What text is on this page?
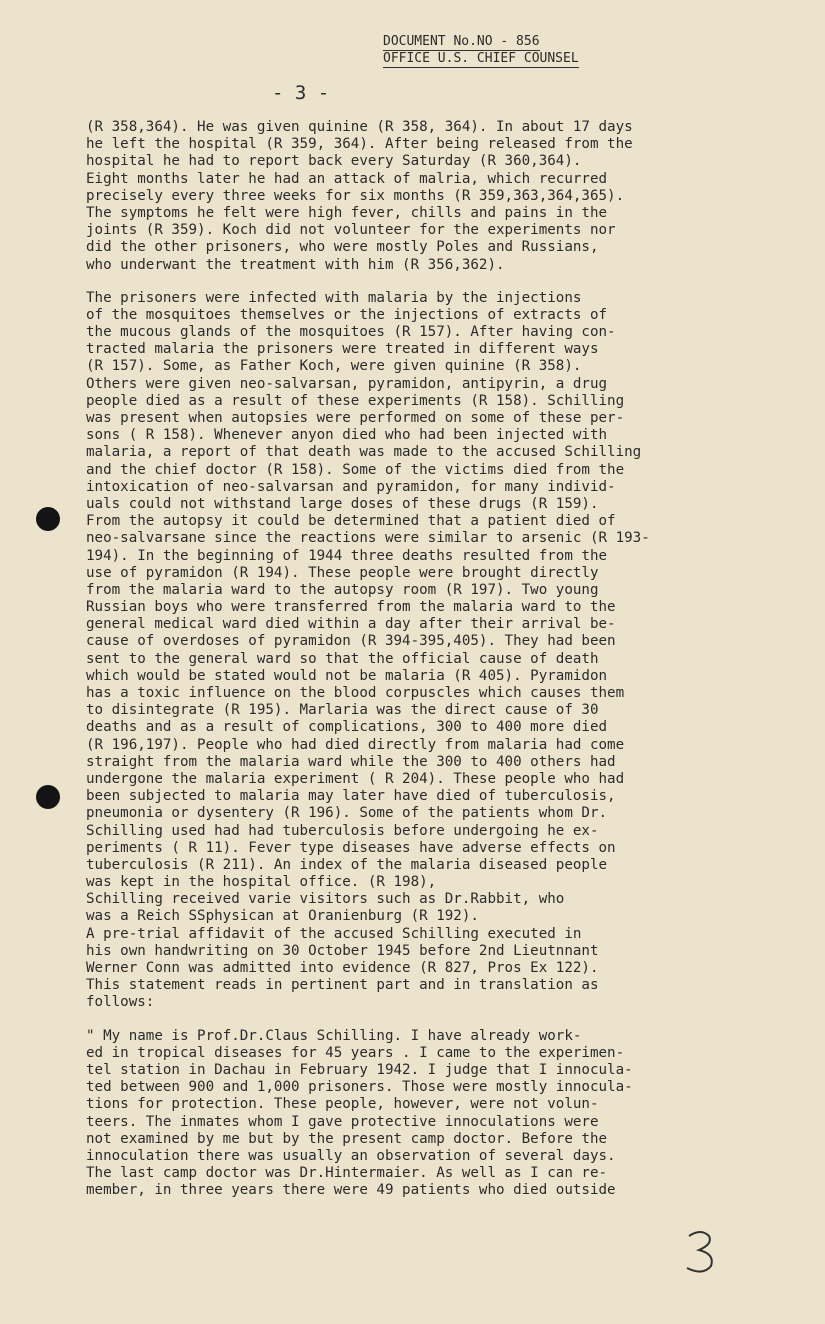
DOCUMENT No.NO - 856
OFFICE U.S. CHIEF COUNSEL
- 3 -
(R 358,364). He was given quinine (R 358, 364). In about 17 days
he left the hospital (R 359, 364). After being released from the
hospital he had to report back every Saturday (R 360,364).
Eight months later he had an attack of malria, which recurred
precisely every three weeks for six months (R 359,363,364,365).
The symptoms he felt were high fever, chills and pains in the
joints (R 359). Koch did not volunteer for the experiments nor
did the other prisoners, who were mostly Poles and Russians,
who underwant the treatment with him (R 356,362).
The prisoners were infected with malaria by the injections
of the mosquitoes themselves or the injections of extracts of
the mucous glands of the mosquitoes (R 157). After having con-
tracted malaria the prisoners were treated in different ways
(R 157). Some, as Father Koch, were given quinine (R 358).
Others were given neo-salvarsan, pyramidon, antipyrin, a drug
people died as a result of these experiments (R 158). Schilling
was present when autopsies were performed on some of these per-
sons ( R 158). Whenever anyon died who had been injected with
malaria, a report of that death was made to the accused Schilling
and the chief doctor (R 158). Some of the victims died from the
intoxication of neo-salvarsan and pyramidon, for many individ-
uals could not withstand large doses of these drugs (R 159).
From the autopsy it could be determined that a patient died of
neo-salvarsane since the reactions were similar to arsenic (R 193-
194). In the beginning of 1944 three deaths resulted from the
use of pyramidon (R 194). These people were brought directly
from the malaria ward to the autopsy room (R 197). Two young
Russian boys who were transferred from the malaria ward to the
general medical ward died within a day after their arrival be-
cause of overdoses of pyramidon (R 394-395,405). They had been
sent to the general ward so that the official cause of death
which would be stated would not be malaria (R 405). Pyramidon
has a toxic influence on the blood corpuscles which causes them
to disintegrate (R 195). Marlaria was the direct cause of 30
deaths and as a result of complications, 300 to 400 more died
(R 196,197). People who had died directly from malaria had come
straight from the malaria ward while the 300 to 400 others had
undergone the malaria experiment ( R 204). These people who had
been subjected to malaria may later have died of tuberculosis,
pneumonia or dysentery (R 196). Some of the patients whom Dr.
Schilling used had had tuberculosis before undergoing he ex-
periments ( R 11). Fever type diseases have adverse effects on
tuberculosis (R 211). An index of the malaria diseased people
was kept in the hospital office. (R 198),
Schilling received varie visitors such as Dr.Rabbit, who
was a Reich SSphysican at Oranienburg (R 192).
A pre-trial affidavit of the accused Schilling executed in
his own handwriting on 30 October 1945 before 2nd Lieutnnant
Werner Conn was admitted into evidence (R 827, Pros Ex 122).
This statement reads in pertinent part and in translation as
follows:
" My name is Prof.Dr.Claus Schilling. I have already work-
ed in tropical diseases for 45 years . I came to the experimen-
tel station in Dachau in February 1942. I judge that I innocula-
ted between 900 and 1,000 prisoners. Those were mostly innocula-
tions for protection. These people, however, were not volun-
teers. The inmates whom I gave protective innoculations were
not examined by me but by the present camp doctor. Before the
innoculation there was usually an observation of several days.
The last camp doctor was Dr.Hintermaier. As well as I can re-
member, in three years there were 49 patients who died outside
